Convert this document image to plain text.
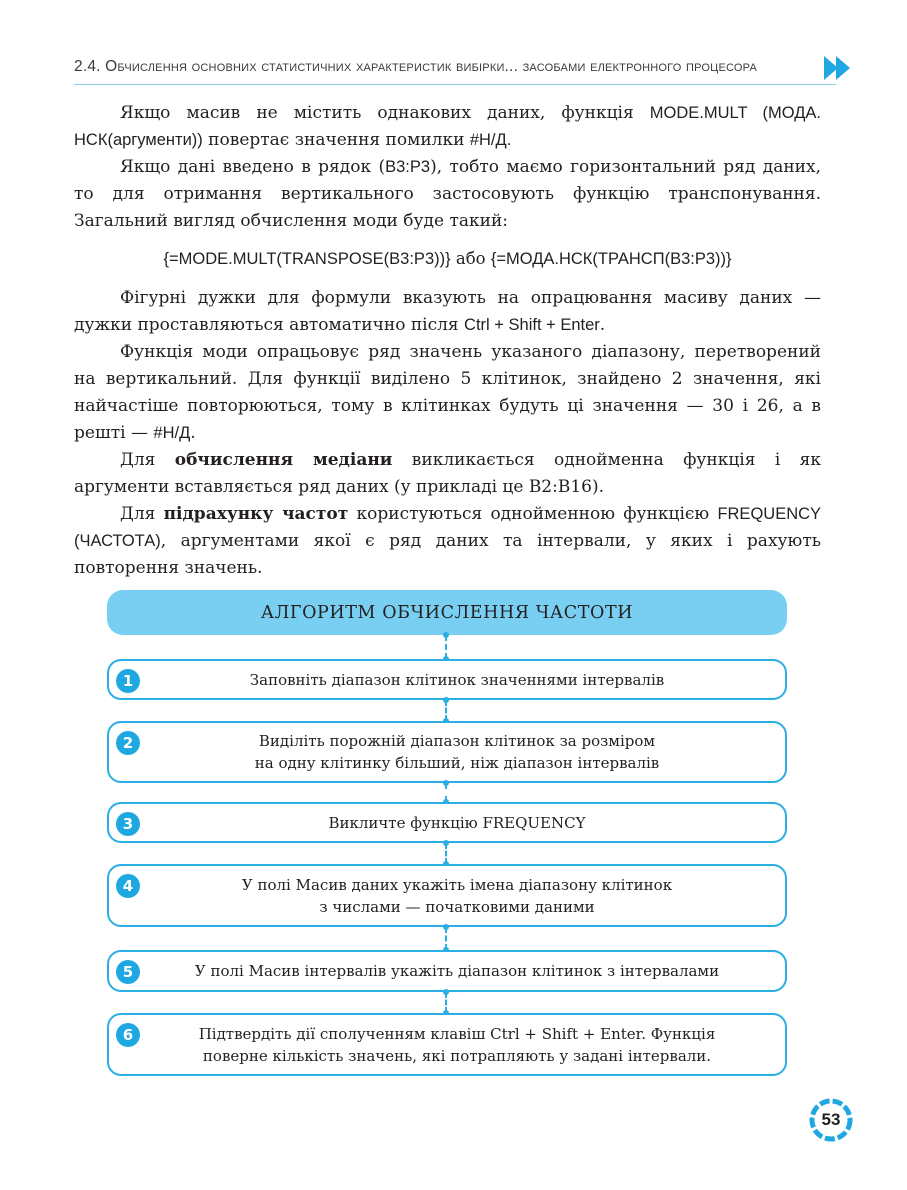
2.4. Обчислення основних статистичних характеристик вибірки... засобами електронного процесора

Якщо масив не містить однакових даних, функція MODE.MULT (МОДА. НСК(аргументи)) повертає значення помилки #Н/Д.

Якщо дані введено в рядок (B3:P3), тобто маємо горизонтальний ряд даних, то для отримання вертикального застосовують функцію транспонування. Загальний вигляд обчислення моди буде такий:

{=MODE.MULT(TRANSPOSE(B3:P3))} або {=МОДА.НСК(ТРАНСП(B3:P3))}

Фігурні дужки для формули вказують на опрацювання масиву даних — дужки проставляються автоматично після Ctrl + Shift + Enter.

Функція моди опрацьовує ряд значень указаного діапазону, перетворений на вертикальний. Для функції виділено 5 клітинок, знайдено 2 значення, які найчастіше повторюються, тому в клітинках будуть ці значення — 30 і 26, а в решті — #Н/Д.

Для обчислення медіани викликається однойменна функція і як аргументи вставляється ряд даних (у прикладі це B2:B16).

Для підрахунку частот користуються однойменною функцією FREQUENCY (ЧАСТОТА), аргументами якої є ряд даних та інтервали, у яких і рахують повторення значень.

АЛГОРИТМ ОБЧИСЛЕННЯ ЧАСТОТИ
1	Заповніть діапазон клітинок значеннями інтервалів
2	Виділіть порожній діапазон клітинок за розміром
на одну клітинку більший, ніж діапазон інтервалів
3	Викличте функцію FREQUENCY
4	У полі Масив даних укажіть імена діапазону клітинок
з числами — початковими даними
5	У полі Масив інтервалів укажіть діапазон клітинок з інтервалами
6	Підтвердіть дії сполученням клавіш Ctrl + Shift + Enter. Функція
поверне кількість значень, які потрапляють у задані інтервали.
53
